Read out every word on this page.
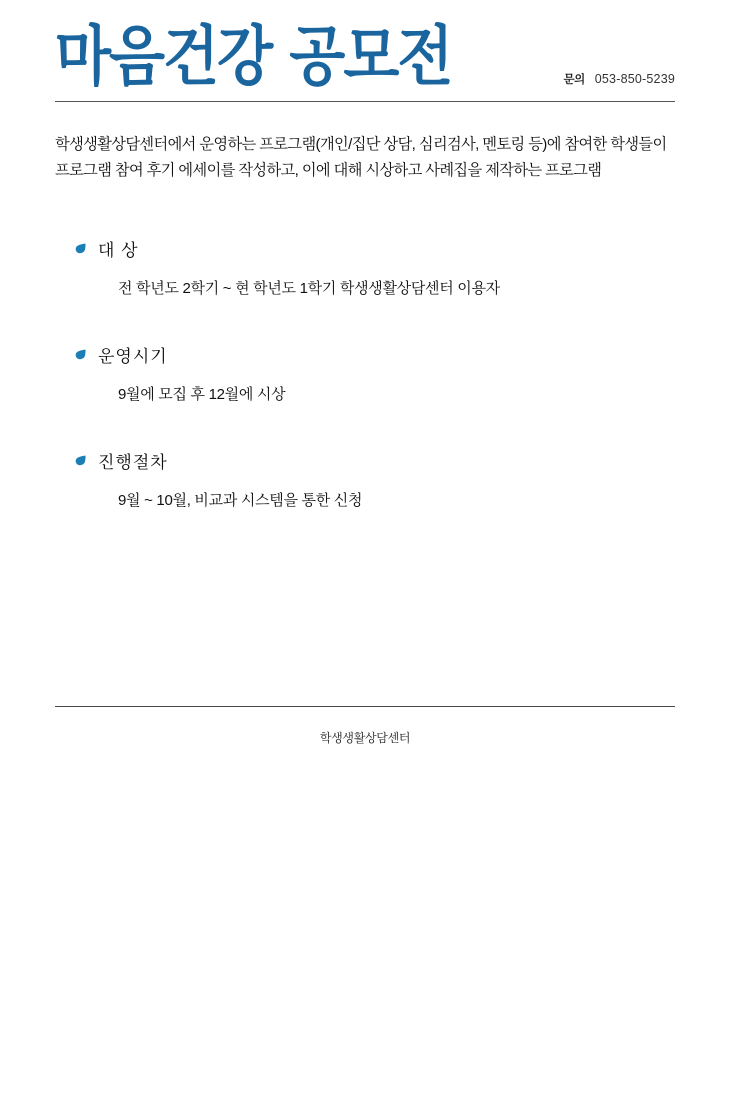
마음건강 공모전	문의 053-850-5239

학생생활상담센터에서 운영하는 프로그램(개인/집단 상담, 심리검사, 멘토링 등)에 참여한 학생들이 프로그램 참여 후기 에세이를 작성하고, 이에 대해 시상하고 사례집을 제작하는 프로그램

대 상
전 학년도 2학기 ~ 현 학년도 1학기 학생생활상담센터 이용자
운영시기
9월에 모집 후 12월에 시상
진행절차
9월 ~ 10월, 비교과 시스템을 통한 신청
학생생활상담센터
